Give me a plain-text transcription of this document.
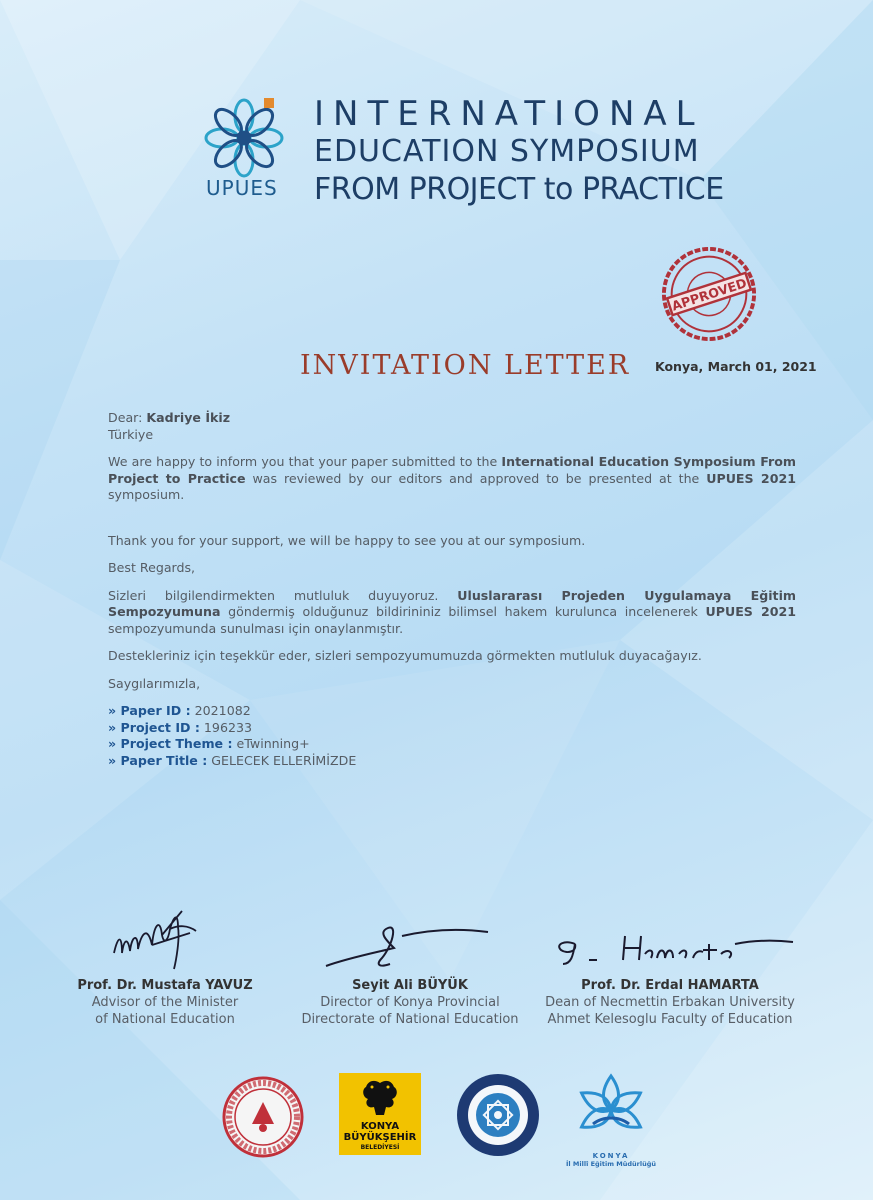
UPUES
INTERNATIONAL
EDUCATION SYMPOSIUM
FROM PROJECT to PRACTICE
APPROVED
INVITATION LETTER Konya, March 01, 2021

Dear: Kadriye İkiz

Türkiye

We are happy to inform you that your paper submitted to the International Education Symposium From Project to Practice was reviewed by our editors and approved to be presented at the UPUES 2021 symposium.

Thank you for your support, we will be happy to see you at our symposium.

Best Regards,

Sizleri bilgilendirmekten mutluluk duyuyoruz. Uluslararası Projeden Uygulamaya Eğitim Sempozyumuna göndermiş olduğunuz bildirininiz bilimsel hakem kurulunca incelenerek UPUES 2021 sempozyumunda sunulması için onaylanmıştır.

Destekleriniz için teşekkür eder, sizleri sempozyumumuzda görmekten mutluluk duyacağayız.

Saygılarımızla,

» Paper ID : 2021082

» Project ID : 196233

» Project Theme : eTwinning+

» Paper Title : GELECEK ELLERİMİZDE

Prof. Dr. Mustafa YAVUZ
Advisor of the Minister
of National Education
Seyit Ali BÜYÜK
Director of Konya Provincial
Directorate of National Education
Prof. Dr. Erdal HAMARTA
Dean of Necmettin Erbakan University
Ahmet Kelesoglu Faculty of Education
KONYA
BÜYÜKŞEHİR
BELEDİYESİ
KONYA
İl Millî Eğitim Müdürlüğü
